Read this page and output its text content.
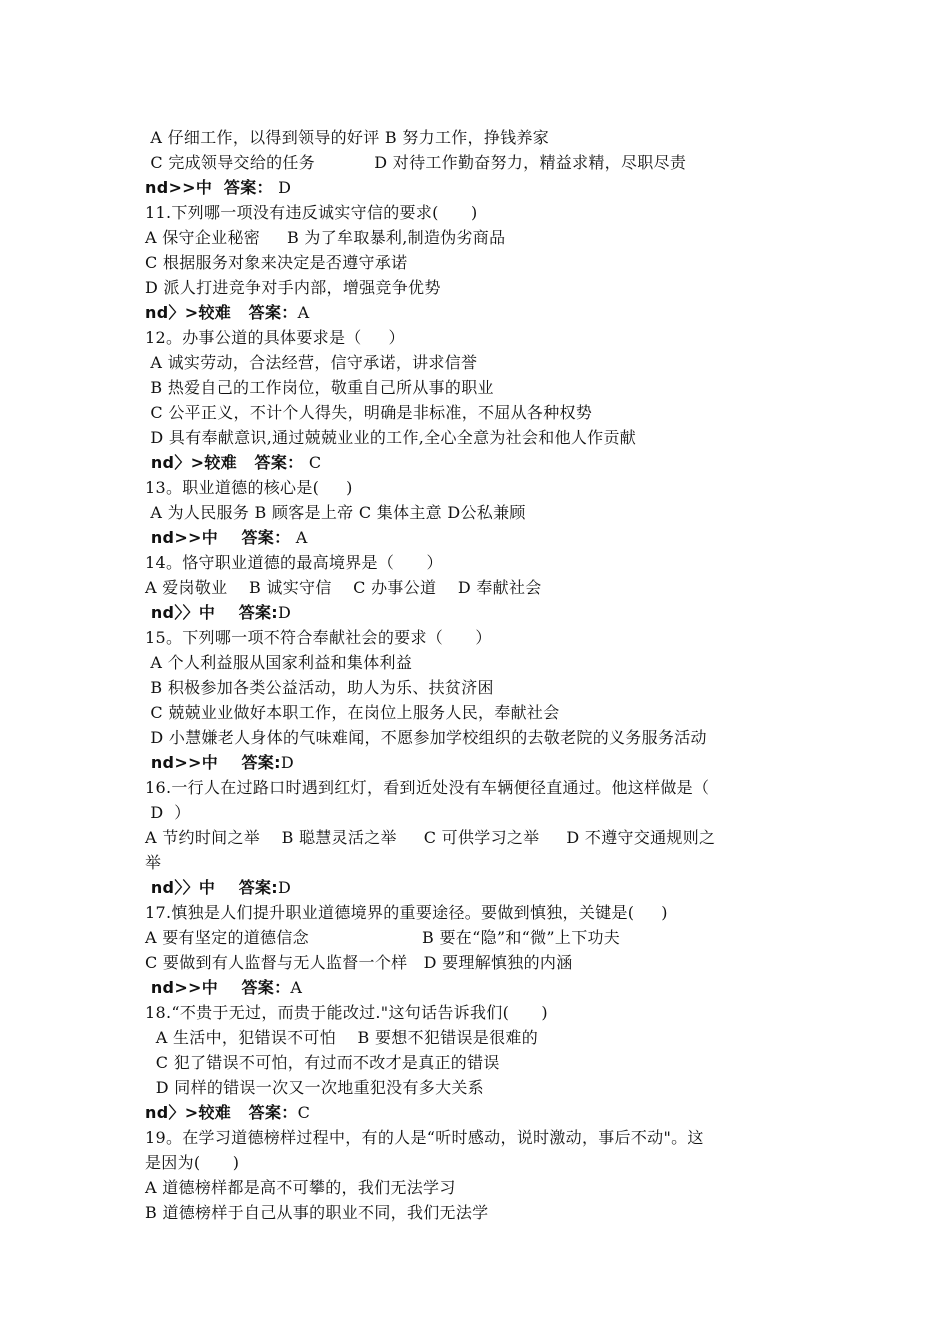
A 仔细工作，以得到领导的好评 B 努力工作，挣钱养家
C 完成领导交给的任务           D 对待工作勤奋努力，精益求精，尽职尽责
nd>>中  答案： D
11.下列哪一项没有违反诚实守信的要求(      )
A 保守企业秘密     B 为了牟取暴利,制造伪劣商品
C 根据服务对象来决定是否遵守承诺
D 派人打进竞争对手内部，增强竞争优势
nd〉>较难   答案：A
12。办事公道的具体要求是（     ）
A 诚实劳动，合法经营，信守承诺，讲求信誉
B 热爱自己的工作岗位，敬重自己所从事的职业
C 公平正义，不计个人得失，明确是非标准，不屈从各种权势
D 具有奉献意识,通过兢兢业业的工作,全心全意为社会和他人作贡献
nd〉>较难   答案： C
13。职业道德的核心是(     )
A 为人民服务 B 顾客是上帝 C 集体主意 D公私兼顾
nd>>中    答案： A
14。恪守职业道德的最高境界是（      ）
A 爱岗敬业    B 诚实守信    C 办事公道    D 奉献社会
nd〉〉中    答案:D
15。下列哪一项不符合奉献社会的要求（      ）
A 个人利益服从国家利益和集体利益
B 积极参加各类公益活动，助人为乐、扶贫济困
C 兢兢业业做好本职工作，在岗位上服务人民，奉献社会
D 小慧嫌老人身体的气味难闻，不愿参加学校组织的去敬老院的义务服务活动
nd>>中    答案:D
16.一行人在过路口时遇到红灯，看到近处没有车辆便径直通过。他这样做是（
D  ）
A 节约时间之举    B 聪慧灵活之举     C 可供学习之举     D 不遵守交通规则之
举
nd〉〉中    答案:D
17.慎独是人们提升职业道德境界的重要途径。要做到慎独，关键是(     )
A 要有坚定的道德信念                     B 要在“隐”和“微”上下功夫
C 要做到有人监督与无人监督一个样   D 要理解慎独的内涵
nd>>中    答案：A
18.“不贵于无过，而贵于能改过."这句话告诉我们(      )
A 生活中，犯错误不可怕    B 要想不犯错误是很难的
C 犯了错误不可怕，有过而不改才是真正的错误
D 同样的错误一次又一次地重犯没有多大关系
nd〉>较难   答案：C
19。在学习道德榜样过程中，有的人是“听时感动，说时激动，事后不动"。这
是因为(      )
A 道德榜样都是高不可攀的，我们无法学习
B 道德榜样于自己从事的职业不同，我们无法学
